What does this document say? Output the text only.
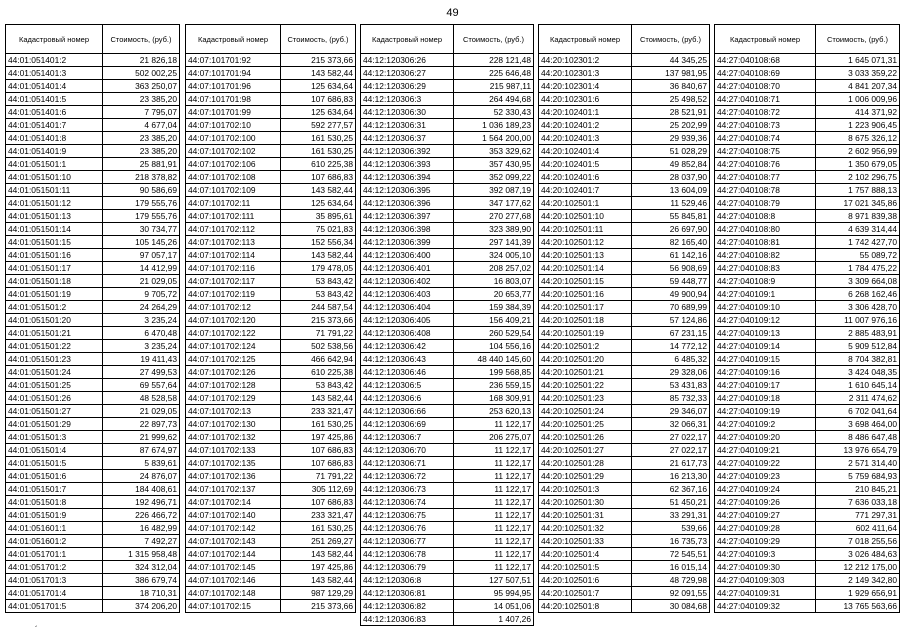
49
Кадастровый номер	Стоимость, (руб.)
44:01:051401:2	21 826,18
44:01:051401:3	502 002,25
44:01:051401:4	363 250,07
44:01:051401:5	23 385,20
44:01:051401:6	7 795,07
44:01:051401:7	4 677,04
44:01:051401:8	23 385,20
44:01:051401:9	23 385,20
44:01:051501:1	25 881,91
44:01:051501:10	218 378,82
44:01:051501:11	90 586,69
44:01:051501:12	179 555,76
44:01:051501:13	179 555,76
44:01:051501:14	30 734,77
44:01:051501:15	105 145,26
44:01:051501:16	97 057,17
44:01:051501:17	14 412,99
44:01:051501:18	21 029,05
44:01:051501:19	9 705,72
44:01:051501:2	24 264,29
44:01:051501:20	3 235,24
44:01:051501:21	6 470,48
44:01:051501:22	3 235,24
44:01:051501:23	19 411,43
44:01:051501:24	27 499,53
44:01:051501:25	69 557,64
44:01:051501:26	48 528,58
44:01:051501:27	21 029,05
44:01:051501:29	22 897,73
44:01:051501:3	21 999,62
44:01:051501:4	87 674,97
44:01:051501:5	5 839,61
44:01:051501:6	24 876,07
44:01:051501:7	184 408,61
44:01:051501:8	192 496,71
44:01:051501:9	226 466,72
44:01:051601:1	16 482,99
44:01:051601:2	7 492,27
44:01:051701:1	1 315 958,48
44:01:051701:2	324 312,04
44:01:051701:3	386 679,74
44:01:051701:4	18 710,31
44:01:051701:5	374 206,20
Кадастровый номер	Стоимость, (руб.)
44:07:101701:92	215 373,66
44:07:101701:94	143 582,44
44:07:101701:96	125 634,64
44:07:101701:98	107 686,83
44:07:101701:99	125 634,64
44:07:101702:10	592 277,57
44:07:101702:100	161 530,25
44:07:101702:102	161 530,25
44:07:101702:106	610 225,38
44:07:101702:108	107 686,83
44:07:101702:109	143 582,44
44:07:101702:11	125 634,64
44:07:101702:111	35 895,61
44:07:101702:112	75 021,83
44:07:101702:113	152 556,34
44:07:101702:114	143 582,44
44:07:101702:116	179 478,05
44:07:101702:117	53 843,42
44:07:101702:119	53 843,42
44:07:101702:12	244 587,54
44:07:101702:120	215 373,66
44:07:101702:122	71 791,22
44:07:101702:124	502 538,56
44:07:101702:125	466 642,94
44:07:101702:126	610 225,38
44:07:101702:128	53 843,42
44:07:101702:129	143 582,44
44:07:101702:13	233 321,47
44:07:101702:130	161 530,25
44:07:101702:132	197 425,86
44:07:101702:133	107 686,83
44:07:101702:135	107 686,83
44:07:101702:136	71 791,22
44:07:101702:137	305 112,69
44:07:101702:14	107 686,83
44:07:101702:140	233 321,47
44:07:101702:142	161 530,25
44:07:101702:143	251 269,27
44:07:101702:144	143 582,44
44:07:101702:145	197 425,86
44:07:101702:146	143 582,44
44:07:101702:148	987 129,29
44:07:101702:15	215 373,66
Кадастровый номер	Стоимость, (руб.)
44:12:120306:26	228 121,48
44:12:120306:27	225 646,48
44:12:120306:29	215 987,11
44:12:120306:3	264 494,68
44:12:120306:30	52 330,43
44:12:120306:31	1 036 189,23
44:12:120306:37	1 564 200,00
44:12:120306:392	353 329,62
44:12:120306:393	357 430,95
44:12:120306:394	352 099,22
44:12:120306:395	392 087,19
44:12:120306:396	347 177,62
44:12:120306:397	270 277,68
44:12:120306:398	323 389,90
44:12:120306:399	297 141,39
44:12:120306:400	324 005,10
44:12:120306:401	208 257,02
44:12:120306:402	16 803,07
44:12:120306:403	20 653,77
44:12:120306:404	159 384,39
44:12:120306:405	156 409,21
44:12:120306:408	260 529,54
44:12:120306:42	104 556,16
44:12:120306:43	48 440 145,60
44:12:120306:46	199 568,85
44:12:120306:5	236 559,15
44:12:120306:6	168 309,91
44:12:120306:66	253 620,13
44:12:120306:69	11 122,17
44:12:120306:7	206 275,07
44:12:120306:70	11 122,17
44:12:120306:71	11 122,17
44:12:120306:72	11 122,17
44:12:120306:73	11 122,17
44:12:120306:74	11 122,17
44:12:120306:75	11 122,17
44:12:120306:76	11 122,17
44:12:120306:77	11 122,17
44:12:120306:78	11 122,17
44:12:120306:79	11 122,17
44:12:120306:8	127 507,51
44:12:120306:81	95 994,95
44:12:120306:82	14 051,06
44:12:120306:83	1 407,26
Кадастровый номер	Стоимость, (руб.)
44:20:102301:2	44 345,25
44:20:102301:3	137 981,95
44:20:102301:4	36 840,67
44:20:102301:6	25 498,52
44:20:102401:1	28 521,91
44:20:102401:2	25 202,99
44:20:102401:3	29 939,36
44:20:102401:4	51 028,29
44:20:102401:5	49 852,84
44:20:102401:6	28 037,90
44:20:102401:7	13 604,09
44:20:102501:1	11 529,46
44:20:102501:10	55 845,81
44:20:102501:11	26 697,90
44:20:102501:12	82 165,40
44:20:102501:13	61 142,16
44:20:102501:14	56 908,69
44:20:102501:15	59 448,77
44:20:102501:16	49 900,94
44:20:102501:17	70 689,99
44:20:102501:18	57 124,86
44:20:102501:19	67 231,15
44:20:102501:2	14 772,12
44:20:102501:20	6 485,32
44:20:102501:21	29 328,06
44:20:102501:22	53 431,83
44:20:102501:23	85 732,33
44:20:102501:24	29 346,07
44:20:102501:25	32 066,31
44:20:102501:26	27 022,17
44:20:102501:27	27 022,17
44:20:102501:28	21 617,73
44:20:102501:29	16 213,30
44:20:102501:3	62 367,16
44:20:102501:30	51 450,21
44:20:102501:31	33 291,31
44:20:102501:32	539,66
44:20:102501:33	16 735,73
44:20:102501:4	72 545,51
44:20:102501:5	16 015,14
44:20:102501:6	48 729,98
44:20:102501:7	92 091,55
44:20:102501:8	30 084,68
Кадастровый номер	Стоимость, (руб.)
44:27:040108:68	1 645 071,31
44:27:040108:69	3 033 359,22
44:27:040108:70	4 841 207,34
44:27:040108:71	1 006 009,96
44:27:040108:72	414 371,92
44:27:040108:73	1 223 906,45
44:27:040108:74	8 675 326,12
44:27:040108:75	2 602 956,99
44:27:040108:76	1 350 679,05
44:27:040108:77	2 102 296,75
44:27:040108:78	1 757 888,13
44:27:040108:79	17 021 345,86
44:27:040108:8	8 971 839,38
44:27:040108:80	4 639 314,44
44:27:040108:81	1 742 427,70
44:27:040108:82	55 089,72
44:27:040108:83	1 784 475,22
44:27:040108:9	3 309 664,08
44:27:040109:1	6 268 162,46
44:27:040109:10	3 306 428,70
44:27:040109:12	11 007 976,16
44:27:040109:13	2 885 483,91
44:27:040109:14	5 909 512,84
44:27:040109:15	8 704 382,81
44:27:040109:16	3 424 048,35
44:27:040109:17	1 610 645,14
44:27:040109:18	2 311 474,62
44:27:040109:19	6 702 041,64
44:27:040109:2	3 698 464,00
44:27:040109:20	8 486 647,48
44:27:040109:21	13 976 654,79
44:27:040109:22	2 571 314,40
44:27:040109:23	5 759 684,93
44:27:040109:24	210 845,21
44:27:040109:26	7 636 033,18
44:27:040109:27	771 297,31
44:27:040109:28	602 411,64
44:27:040109:29	7 018 255,56
44:27:040109:3	3 026 484,63
44:27:040109:30	12 212 175,00
44:27:040109:303	2 149 342,80
44:27:040109:31	1 929 656,91
44:27:040109:32	13 765 563,66
´
